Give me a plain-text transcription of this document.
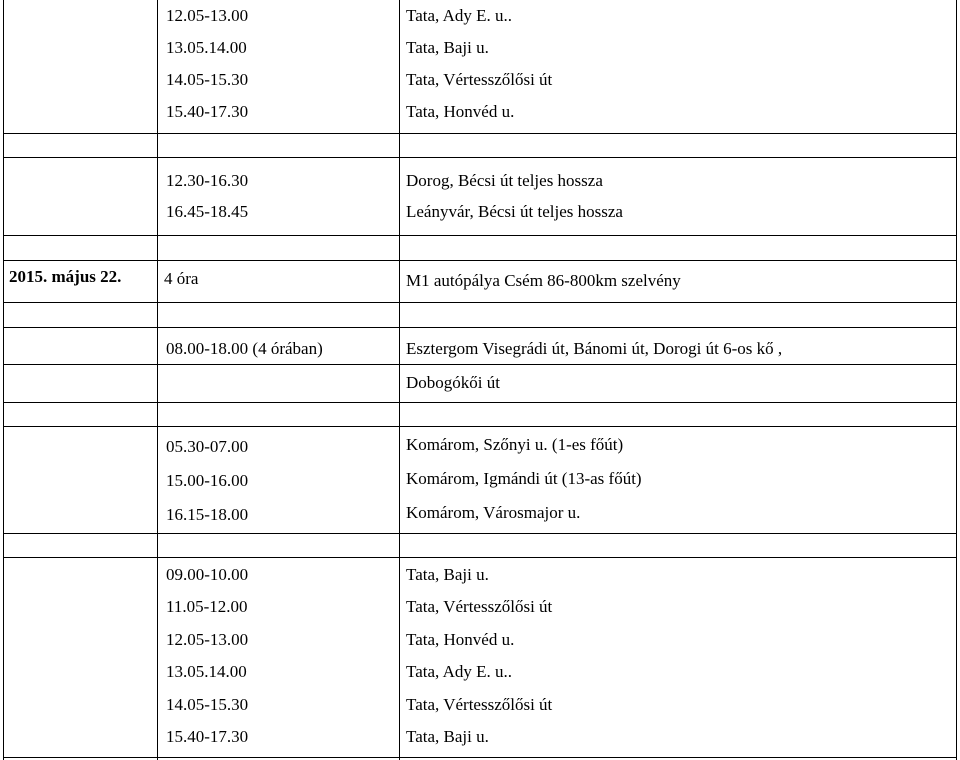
12.05-13.00	Tata, Ady E. u..
13.05.14.00	Tata, Baji u.
14.05-15.30	Tata, Vértesszőlősi út
15.40-17.30	Tata, Honvéd u.
12.30-16.30	Dorog, Bécsi út teljes hossza
16.45-18.45	Leányvár, Bécsi út teljes hossza
2015. május 22.	4 óra	M1 autópálya Csém 86-800km szelvény
08.00-18.00 (4 órában)	Esztergom Visegrádi út, Bánomi út, Dorogi út 6-os kő ,
Dobogókői út
05.30-07.00	Komárom, Szőnyi u. (1-es főút)
15.00-16.00	Komárom, Igmándi út (13-as főút)
16.15-18.00	Komárom, Városmajor u.
09.00-10.00	Tata, Baji u.
11.05-12.00	Tata, Vértesszőlősi út
12.05-13.00	Tata, Honvéd u.
13.05.14.00	Tata, Ady E. u..
14.05-15.30	Tata, Vértesszőlősi út
15.40-17.30	Tata, Baji u.
